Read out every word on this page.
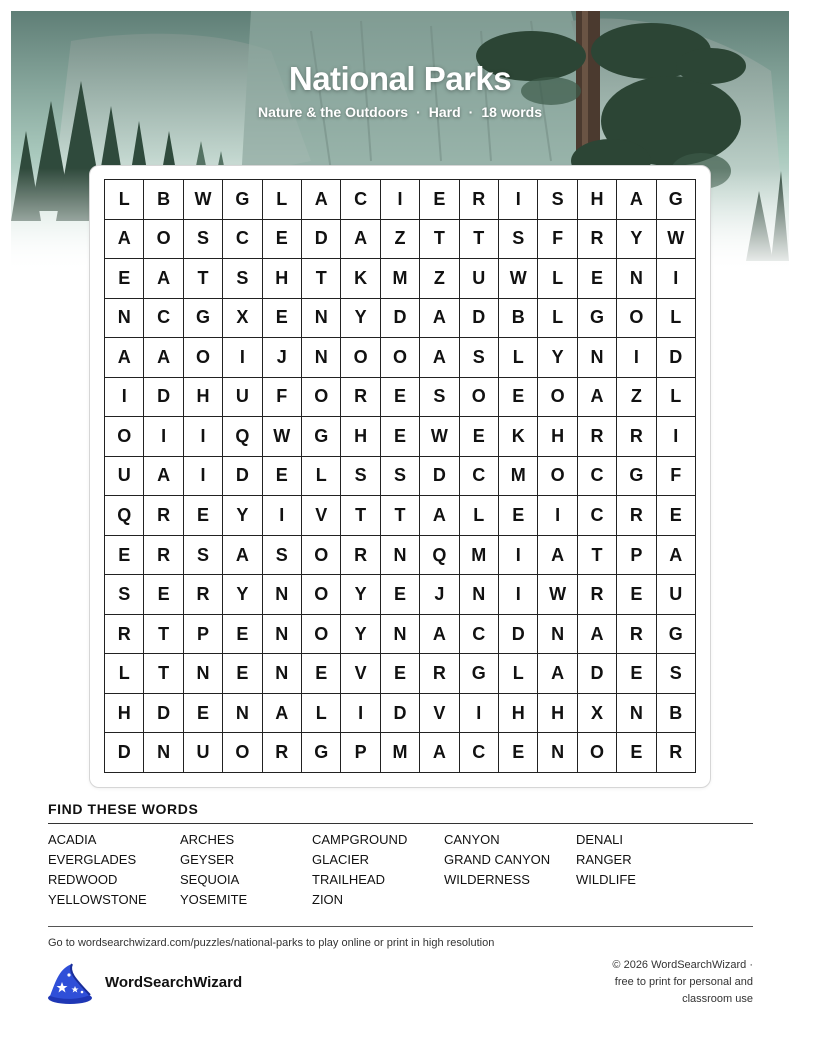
National Parks
Nature & the Outdoors · Hard · 18 words
L	B	W	G	L	A	C	I	E	R	I	S	H	A	G
A	O	S	C	E	D	A	Z	T	T	S	F	R	Y	W
E	A	T	S	H	T	K	M	Z	U	W	L	E	N	I
N	C	G	X	E	N	Y	D	A	D	B	L	G	O	L
A	A	O	I	J	N	O	O	A	S	L	Y	N	I	D
I	D	H	U	F	O	R	E	S	O	E	O	A	Z	L
O	I	I	Q	W	G	H	E	W	E	K	H	R	R	I
U	A	I	D	E	L	S	S	D	C	M	O	C	G	F
Q	R	E	Y	I	V	T	T	A	L	E	I	C	R	E
E	R	S	A	S	O	R	N	Q	M	I	A	T	P	A
S	E	R	Y	N	O	Y	E	J	N	I	W	R	E	U
R	T	P	E	N	O	Y	N	A	C	D	N	A	R	G
L	T	N	E	N	E	V	E	R	G	L	A	D	E	S
H	D	E	N	A	L	I	D	V	I	H	H	X	N	B
D	N	U	O	R	G	P	M	A	C	E	N	O	E	R
FIND THESE WORDS
ACADIA	ARCHES	CAMPGROUND	CANYON	DENALI
EVERGLADES	GEYSER	GLACIER	GRAND CANYON	RANGER
REDWOOD	SEQUOIA	TRAILHEAD	WILDERNESS	WILDLIFE
YELLOWSTONE	YOSEMITE	ZION
Go to wordsearchwizard.com/puzzles/national-parks to play online or print in high resolution
WordSearchWizard
© 2026 WordSearchWizard ·
free to print for personal and
classroom use
